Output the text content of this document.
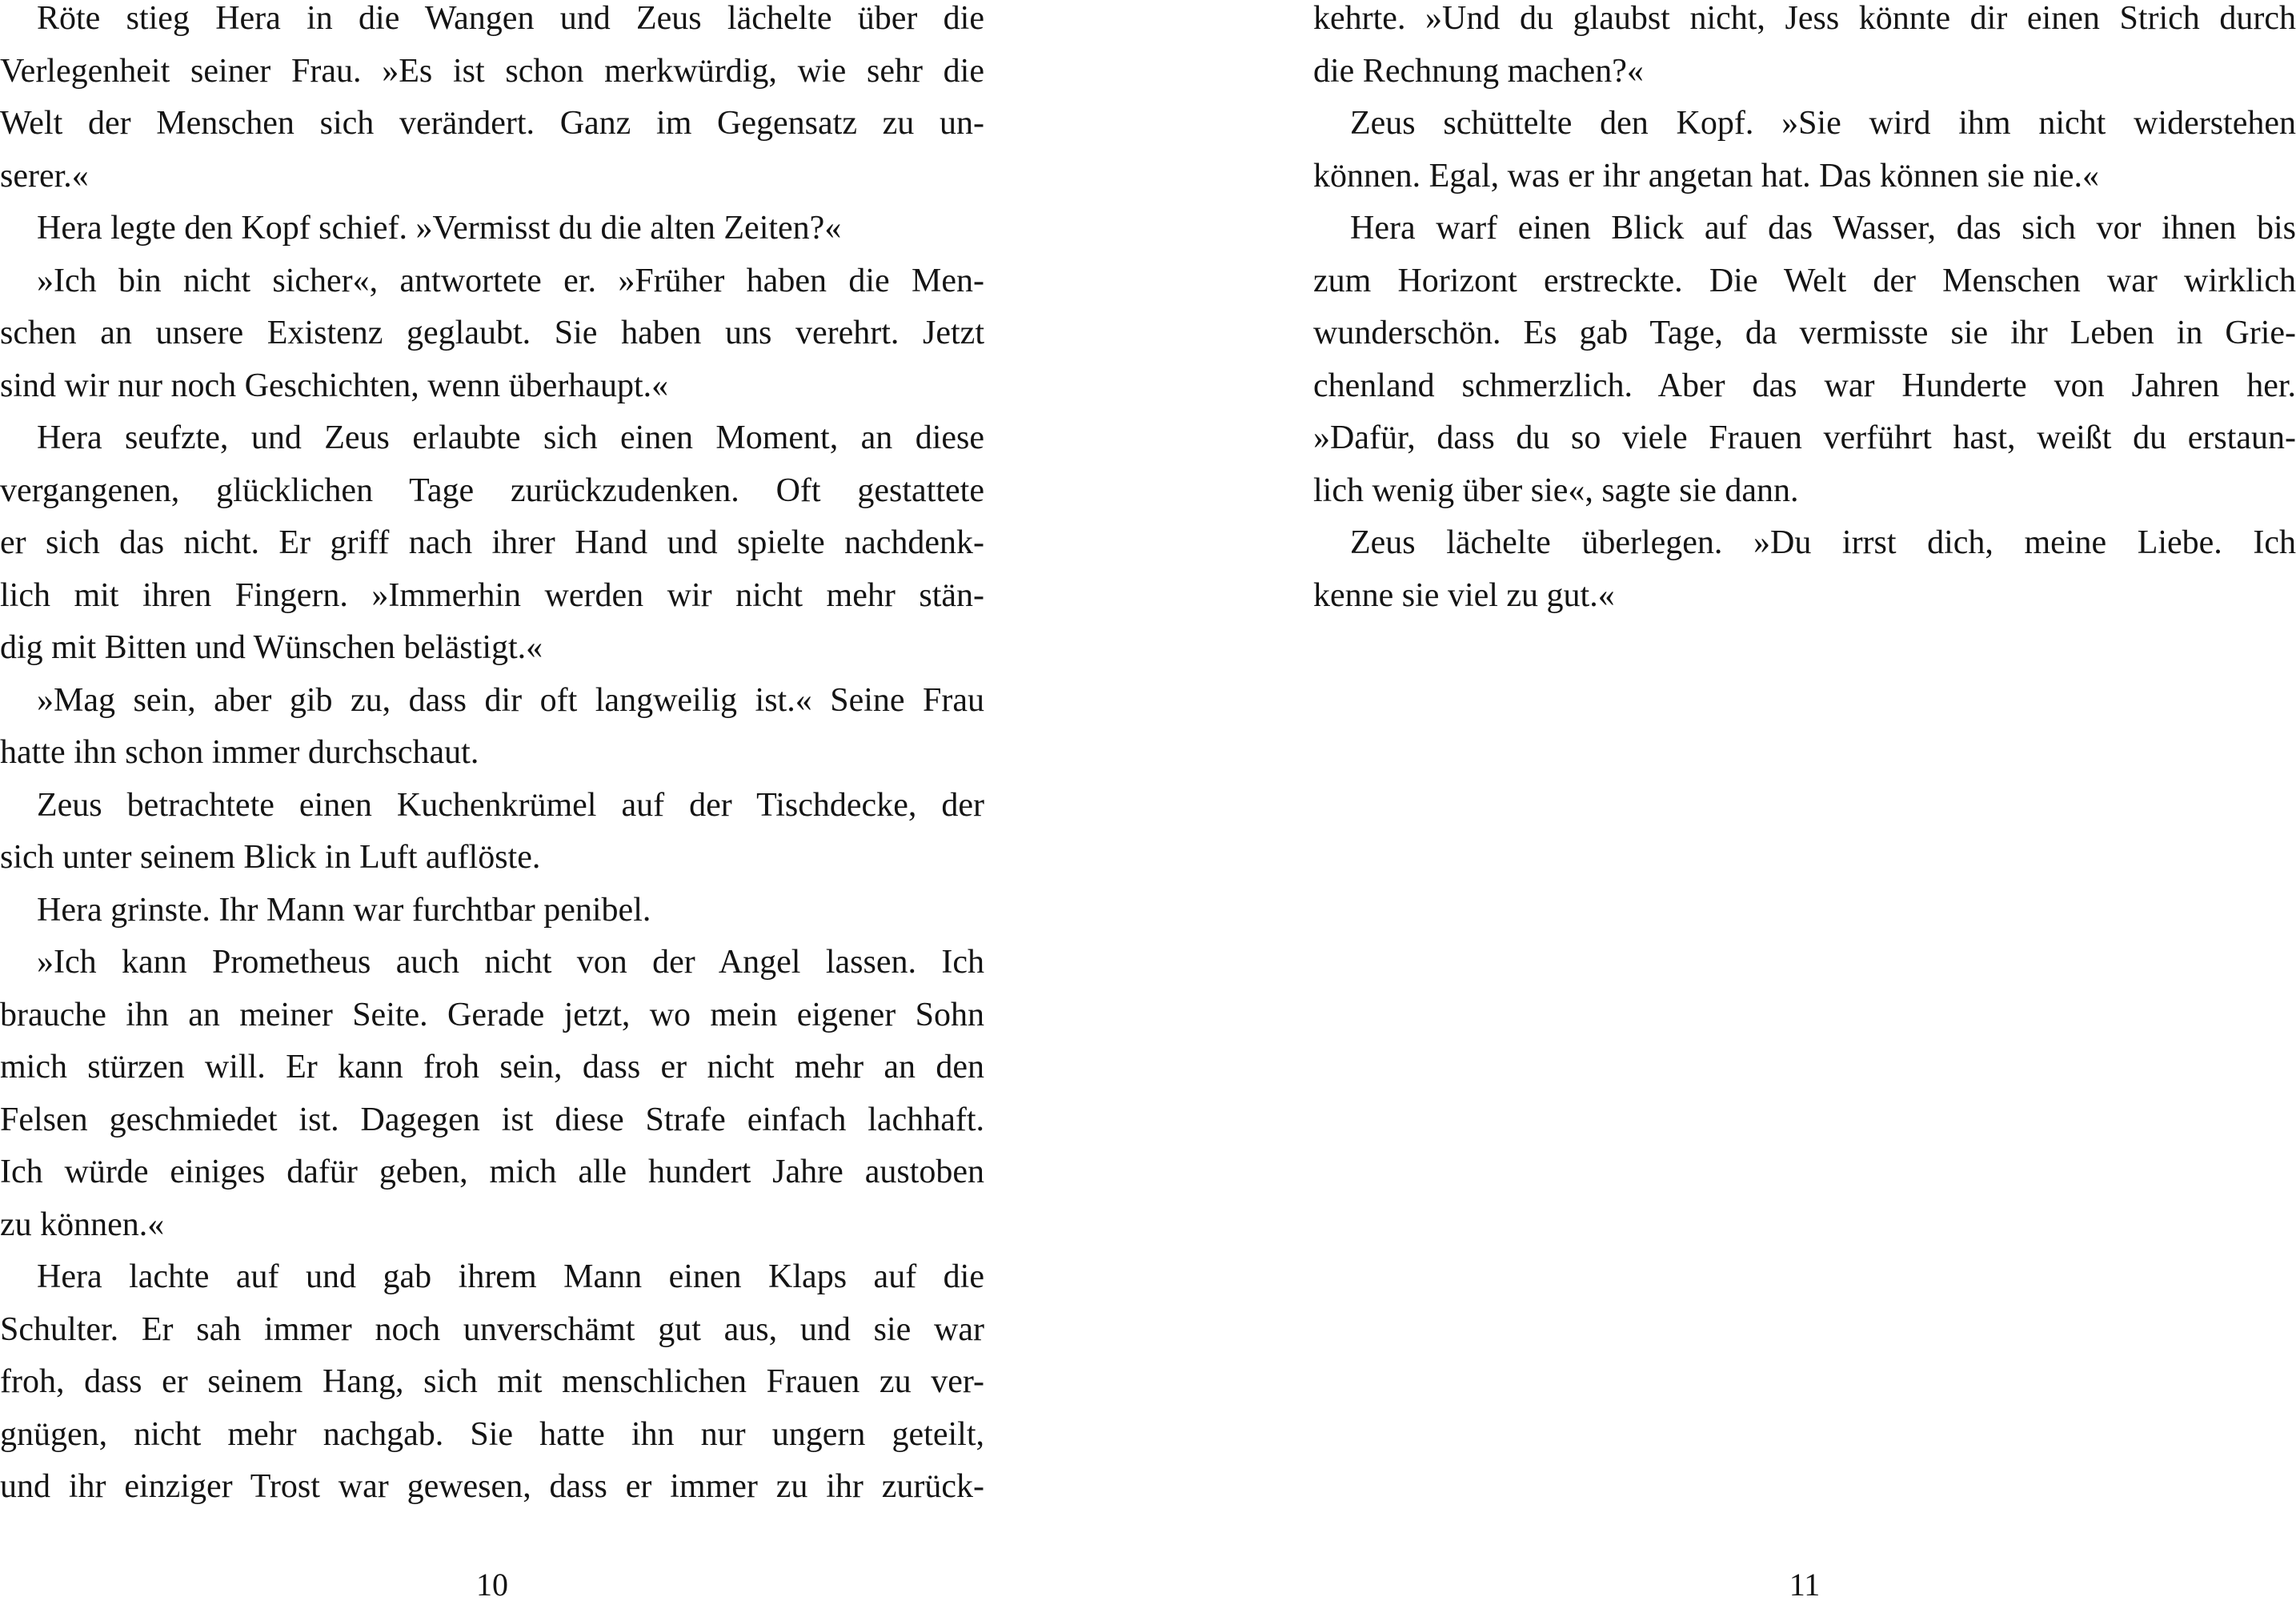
Röte stieg Hera in die Wangen und Zeus lächelte über die
Verlegenheit seiner Frau. »Es ist schon merkwürdig, wie sehr die
Welt der Menschen sich verändert. Ganz im Gegensatz zu un-
serer.«
Hera legte den Kopf schief. »Vermisst du die alten Zeiten?«
»Ich bin nicht sicher«, antwortete er. »Früher haben die Men-
schen an unsere Existenz geglaubt. Sie haben uns verehrt. Jetzt
sind wir nur noch Geschichten, wenn überhaupt.«
Hera seufzte, und Zeus erlaubte sich einen Moment, an diese
vergangenen, glücklichen Tage zurückzudenken. Oft gestattete
er sich das nicht. Er griff nach ihrer Hand und spielte nachdenk-
lich mit ihren Fingern. »Immerhin werden wir nicht mehr stän-
dig mit Bitten und Wünschen belästigt.«
»Mag sein, aber gib zu, dass dir oft langweilig ist.« Seine Frau
hatte ihn schon immer durchschaut.
Zeus betrachtete einen Kuchenkrümel auf der Tischdecke, der
sich unter seinem Blick in Luft auflöste.
Hera grinste. Ihr Mann war furchtbar penibel.
»Ich kann Prometheus auch nicht von der Angel lassen. Ich
brauche ihn an meiner Seite. Gerade jetzt, wo mein eigener Sohn
mich stürzen will. Er kann froh sein, dass er nicht mehr an den
Felsen geschmiedet ist. Dagegen ist diese Strafe einfach lachhaft.
Ich würde einiges dafür geben, mich alle hundert Jahre austoben
zu können.«
Hera lachte auf und gab ihrem Mann einen Klaps auf die
Schulter. Er sah immer noch unverschämt gut aus, und sie war
froh, dass er seinem Hang, sich mit menschlichen Frauen zu ver-
gnügen, nicht mehr nachgab. Sie hatte ihn nur ungern geteilt,
und ihr einziger Trost war gewesen, dass er immer zu ihr zurück-
10
kehrte. »Und du glaubst nicht, Jess könnte dir einen Strich durch
die Rechnung machen?«
Zeus schüttelte den Kopf. »Sie wird ihm nicht widerstehen
können. Egal, was er ihr angetan hat. Das können sie nie.«
Hera warf einen Blick auf das Wasser, das sich vor ihnen bis
zum Horizont erstreckte. Die Welt der Menschen war wirklich
wunderschön. Es gab Tage, da vermisste sie ihr Leben in Grie-
chenland schmerzlich. Aber das war Hunderte von Jahren her.
»Dafür, dass du so viele Frauen verführt hast, weißt du erstaun-
lich wenig über sie«, sagte sie dann.
Zeus lächelte überlegen. »Du irrst dich, meine Liebe. Ich
kenne sie viel zu gut.«
11
